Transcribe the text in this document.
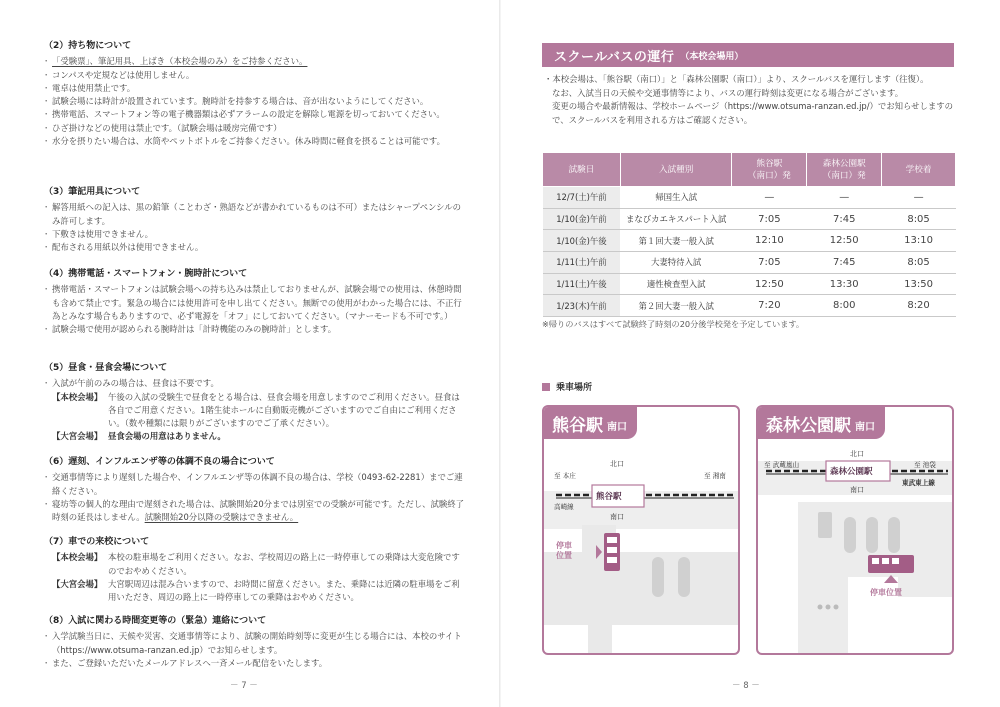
（2）持ち物について
・ 「受験票」、筆記用具、上ばき（本校会場のみ）をご持参ください。
・ コンパスや定規などは使用しません。
・ 電卓は使用禁止です。
・ 試験会場には時計が設置されています。腕時計を持参する場合は、音が出ないようにしてください。
・ 携帯電話、スマートフォン等の電子機器類は必ずアラームの設定を解除し電源を切っておいてください。
・ ひざ掛けなどの使用は禁止です。（試験会場は暖房完備です）
・ 水分を摂りたい場合は、水筒やペットボトルをご持参ください。休み時間に軽食を摂ることは可能です。
（3）筆記用具について
・ 解答用紙への記入は、黒の鉛筆（ことわざ・熟語などが書かれているものは不可）またはシャープペンシルのみ許可します。
・ 下敷きは使用できません。
・ 配布される用紙以外は使用できません。
（4）携帯電話・スマートフォン・腕時計について
・ 携帯電話・スマートフォンは試験会場への持ち込みは禁止しておりませんが、試験会場での使用は、休憩時間も含めて禁止です。緊急の場合には使用許可を申し出てください。無断での使用がわかった場合には、不正行為とみなす場合もありますので、必ず電源を「オフ」にしておいてください。（マナーモードも不可です。）
・ 試験会場で使用が認められる腕時計は「計時機能のみの腕時計」とします。
（5）昼食・昼食会場について
・ 入試が午前のみの場合は、昼食は不要です。
【本校会場】 午後の入試の受験生で昼食をとる場合は、昼食会場を用意しますのでご利用ください。昼食は各自でご用意ください。1階生徒ホールに自動販売機がございますのでご自由にご利用ください。（数や種類には限りがございますのでご了承ください）。
【大宮会場】 昼食会場の用意はありません。
（6）遅刻、インフルエンザ等の体調不良の場合について
・ 交通事情等により遅刻した場合や、インフルエンザ等の体調不良の場合は、学校（0493-62-2281）までご連絡ください。
・ 寝坊等の個人的な理由で遅刻された場合は、試験開始20分までは別室での受験が可能です。ただし、試験終了時刻の延長はしません。試験開始20分以降の受験はできません。
（7）車での来校について
【本校会場】 本校の駐車場をご利用ください。なお、学校周辺の路上に一時停車しての乗降は大変危険ですのでおやめください。
【大宮会場】 大宮駅周辺は混み合いますので、お時間に留意ください。また、乗降には近隣の駐車場をご利用いただき、周辺の路上に一時停車しての乗降はおやめください。
（8）入試に関わる時間変更等の（緊急）連絡について
・ 入学試験当日に、天候や災害、交通事情等により、試験の開始時刻等に変更が生じる場合には、本校のサイト（https://www.otsuma-ranzan.ed.jp）でお知らせします。
・ また、ご登録いただいたメールアドレスへ一斉メール配信をいたします。
－ 7 －
スクールバスの運行 （本校会場用）
・本校会場は、「熊谷駅（南口）」と「森林公園駅（南口）」より、スクールバスを運行します（往復）。
なお、入試当日の天候や交通事情等により、バスの運行時刻は変更になる場合がございます。
変更の場合や最新情報は、学校ホームページ（https://www.otsuma-ranzan.ed.jp/）でお知らせしますので、スクールバスを利用される方はご確認ください。
試験日	入試種別	熊谷駅
（南口）発	森林公園駅
（南口）発	学校着
12/7(土)午前	帰国生入試	—	—	—
1/10(金)午前	まなびカエキスパート入試	7:05	7:45	8:05
1/10(金)午後	第１回大妻一般入試	12:10	12:50	13:10
1/11(土)午前	大妻特待入試	7:05	7:45	8:05
1/11(土)午後	適性検査型入試	12:50	13:30	13:50
1/23(木)午前	第２回大妻一般入試	7:20	8:00	8:20
※帰りのバスはすべて試験終了時刻の20分後学校発を予定しています。
乗車場所
熊谷駅 南口
北口
至 本庄
高崎線
至 湘南
熊谷駅
南口
停車
位置
森林公園駅 南口
北口
至 武蔵嵐山	至 池袋
東武東上線
森林公園駅
南口
停車位置
－ 8 －
